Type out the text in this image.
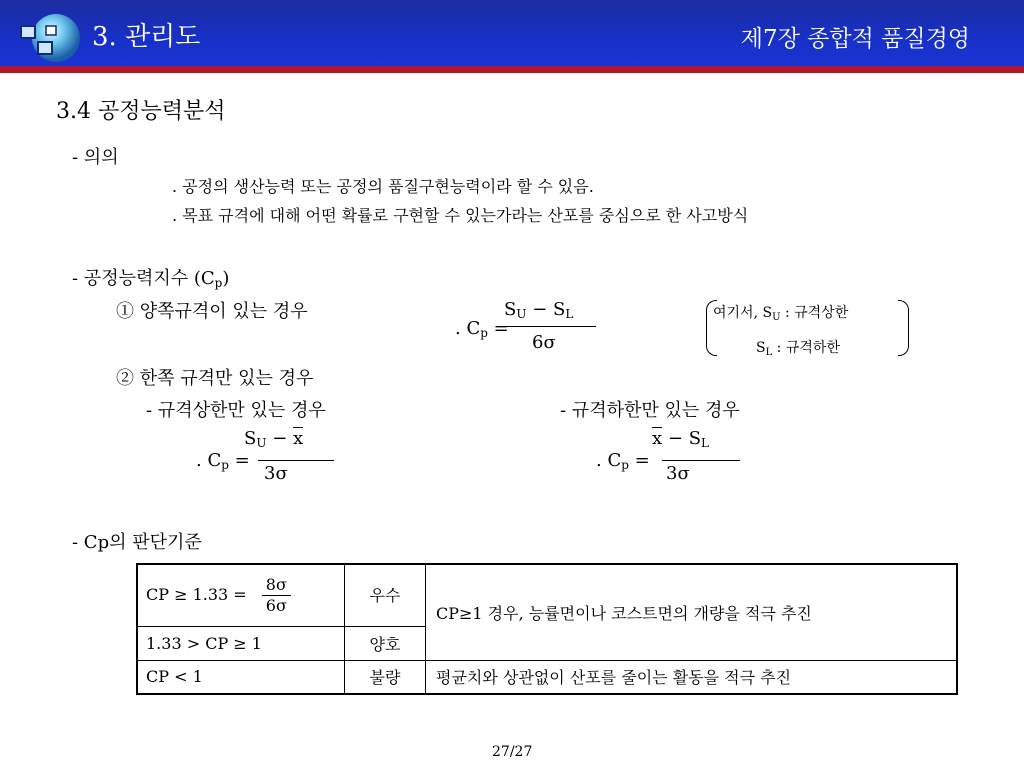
3. 관리도	제7장 종합적 품질경영
3.4 공정능력분석
- 의의
. 공정의 생산능력 또는 공정의 품질구현능력이라 할 수 있음.
. 목표 규격에 대해 어떤 확률로 구현할 수 있는가라는 산포를 중심으로 한 사고방식
- 공정능력지수 $(C_p)$
① 양쪽규격이 있는 경우	$S_U - S_L$
. $C_p$ =
6σ
여기서, $S_U$ : 규격상한
$S_L$ : 규격하한
② 한쪽 규격만 있는 경우
- 규격상한만 있는 경우	- 규격하한만 있는 경우
$S_U - x$
. $C_p$ =
3σ
$x - S_L$
. $C_p$ =
3σ
- Cp의 판단기준
CP ≥ $1.33 = \frac{8\sigma}{6\sigma}$	우수	CP≥1 경우, 능률면이나 코스트면의 개량을 적극 추진
1.33 > CP ≥ 1	양호	
CP < 1	불량	평균치와 상관없이 산포를 줄이는 활동을 적극 추진
27/27
